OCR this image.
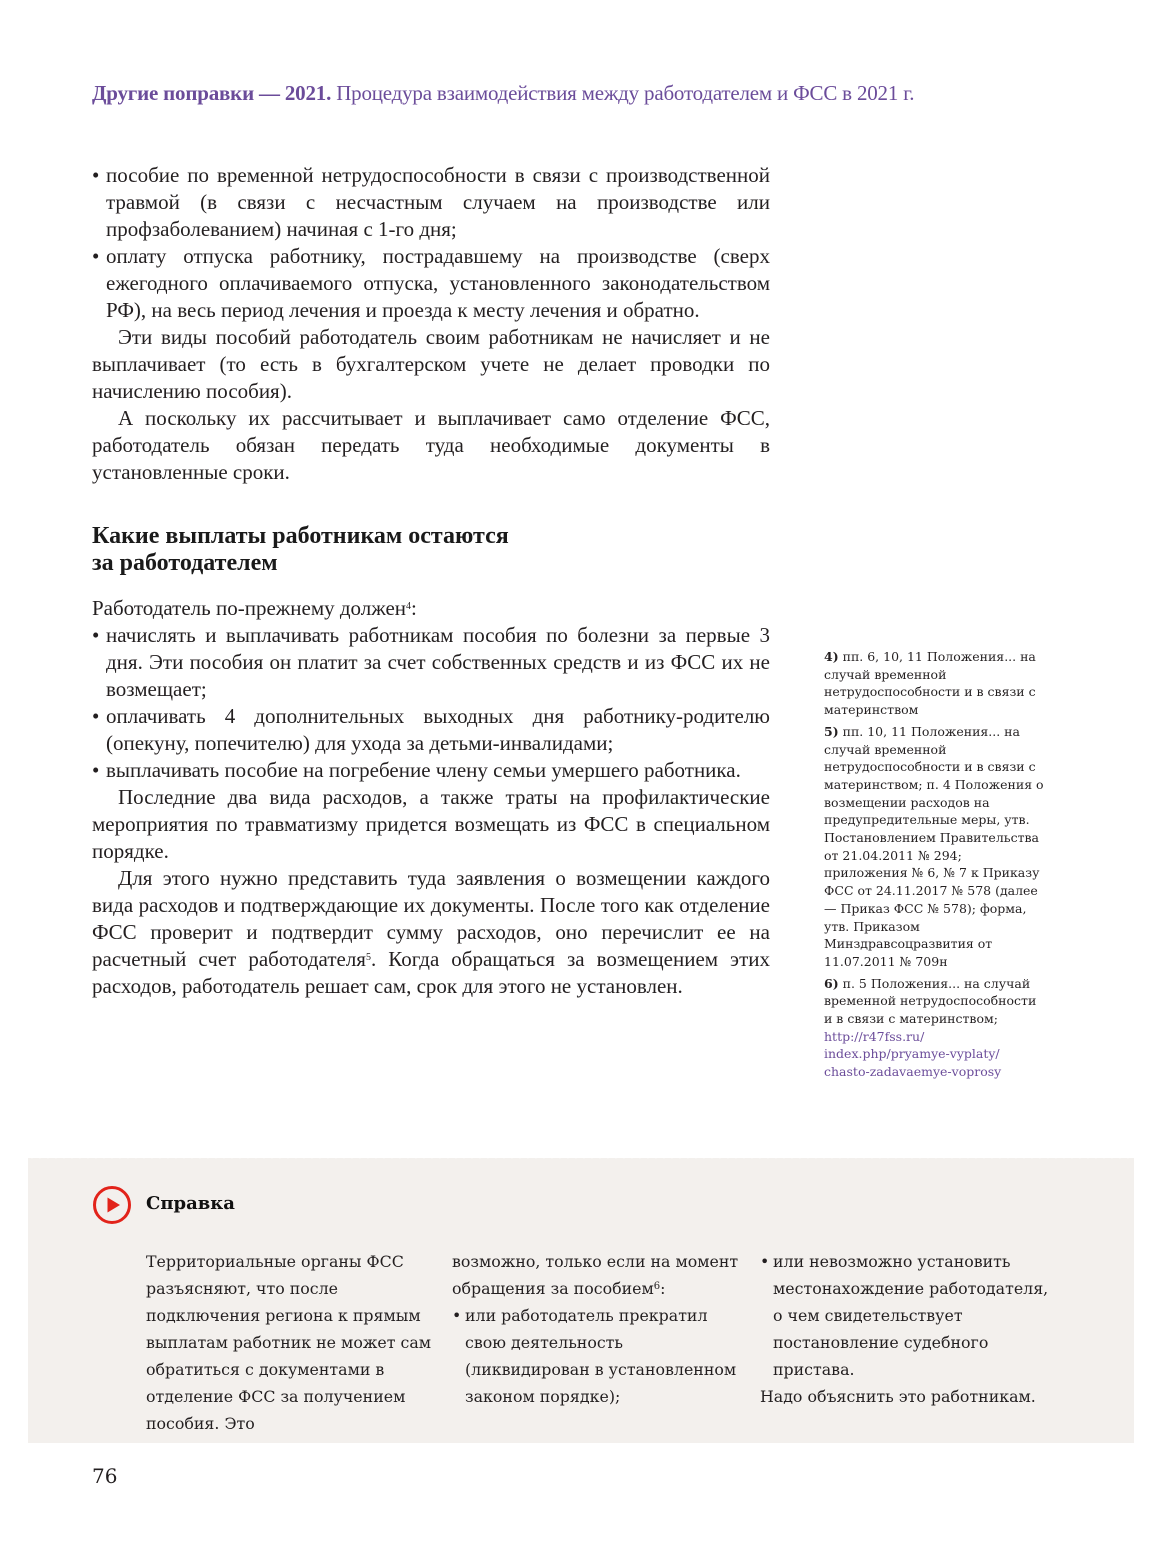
Другие поправки — 2021. Процедура взаимодействия между работодателем и ФСС в 2021 г.
• пособие по временной нетрудоспособности в связи с производственной травмой (в связи с несчастным случаем на производстве или профзаболеванием) начиная с 1-го дня;
• оплату отпуска работнику, пострадавшему на производстве (сверх ежегодного оплачиваемого отпуска, установленного законодательством РФ), на весь период лечения и проезда к месту лечения и обратно.

Эти виды пособий работодатель своим работникам не начисляет и не выплачивает (то есть в бухгалтерском учете не делает проводки по начислению пособия).

А поскольку их рассчитывает и выплачивает само отделение ФСС, работодатель обязан передать туда необходимые документы в установленные сроки.

Какие выплаты работникам остаются
за работодателем

Работодатель по-прежнему должен$^4$:

• начислять и выплачивать работникам пособия по болезни за первые 3 дня. Эти пособия он платит за счет собственных средств и из ФСС их не возмещает;
• оплачивать 4 дополнительных выходных дня работнику-родителю (опекуну, попечителю) для ухода за детьми-инвалидами;
• выплачивать пособие на погребение члену семьи умершего работника.

Последние два вида расходов, а также траты на профилактические мероприятия по травматизму придется возмещать из ФСС в специальном порядке.

Для этого нужно представить туда заявления о возмещении каждого вида расходов и подтверждающие их документы. После того как отделение ФСС проверит и подтвердит сумму расходов, оно перечислит ее на расчетный счет работодателя$^5$. Когда обращаться за возмещением этих расходов, работодатель решает сам, срок для этого не установлен.

4) пп. 6, 10, 11 Положения... на случай временной нетрудоспособности и в связи с материнством
5) пп. 10, 11 Положения... на случай временной нетрудоспособности и в связи с материнством; п. 4 Положения о возмещении расходов на предупредительные меры, утв. Постановлением Правительства от 21.04.2011 № 294; приложения № 6, № 7 к Приказу ФСС от 24.11.2017 № 578 (далее — Приказ ФСС № 578); форма, утв. Приказом Минздравсоцразвития от 11.07.2011 № 709н
6) п. 5 Положения... на случай временной нетрудоспособности и в связи с материнством;
http://r47fss.ru/
index.php/pryamye-vyplaty/
chasto-zadavaemye-voprosy
Справка

Территориальные органы ФСС разъясняют, что после подключения региона к прямым выплатам работник не может сам обратиться с документами в отделение ФСС за получением пособия. Это

возможно, только если на момент обращения за пособием$^6$:

• или работодатель прекратил свою деятельность (ликвидирован в установленном законом порядке);
• или невозможно установить местонахождение работодателя, о чем свидетельствует постановление судебного пристава.

Надо объяснить это работникам.

76
